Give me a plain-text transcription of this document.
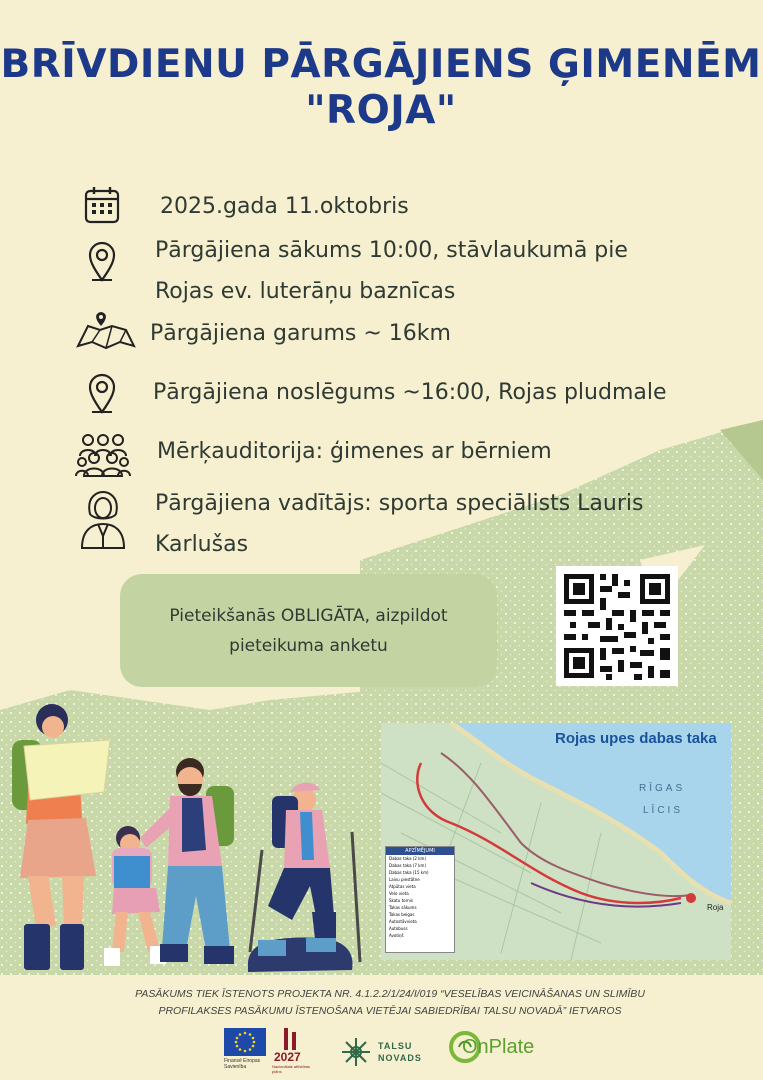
BRĪVDIENU PĀRGĀJIENS ĢIMENĒM
"ROJA"
2025.gada 11.oktobris
Pārgājiena sākums 10:00, stāvlaukumā pie
Rojas ev. luterāņu baznīcas
Pārgājiena garums ~ 16km
Pārgājiena noslēgums ~16:00, Rojas pludmale
Mērķauditorija: ģimenes ar bērniem
Pārgājiena vadītājs: sporta speciālists Lauris
Karlušas
Pieteikšanās OBLIGĀTA, aizpildot
pieteikuma anketu
Rojas upes dabas taka
RĪGAS
LĪCIS
Roja
APZĪMĒJUMI
Dabas taka (2 km)
Dabas taka (7 km)
Dabas taka (15 km)
Laivu piestātne
Atpūtas vieta
Velo vieta
Skatu tornis
Takas sākums
Takas beigas
Autostāvvieta
Autobuss
Avotiņš
PASĀKUMS TIEK ĪSTENOTS PROJEKTA NR. 4.1.2.2/1/24/I/019 “VESELĪBAS VEICINĀŠANAS UN SLIMĪBU
PROFILAKSES PASĀKUMU ĪSTENOŠANA VIETĒJAI SABIEDRĪBAI TALSU NOVADĀ” IETVAROS
Finansē Eiropas Savienība
2027
Nacionālais attīstības plāns
TALSU
NOVADS OnPlate
